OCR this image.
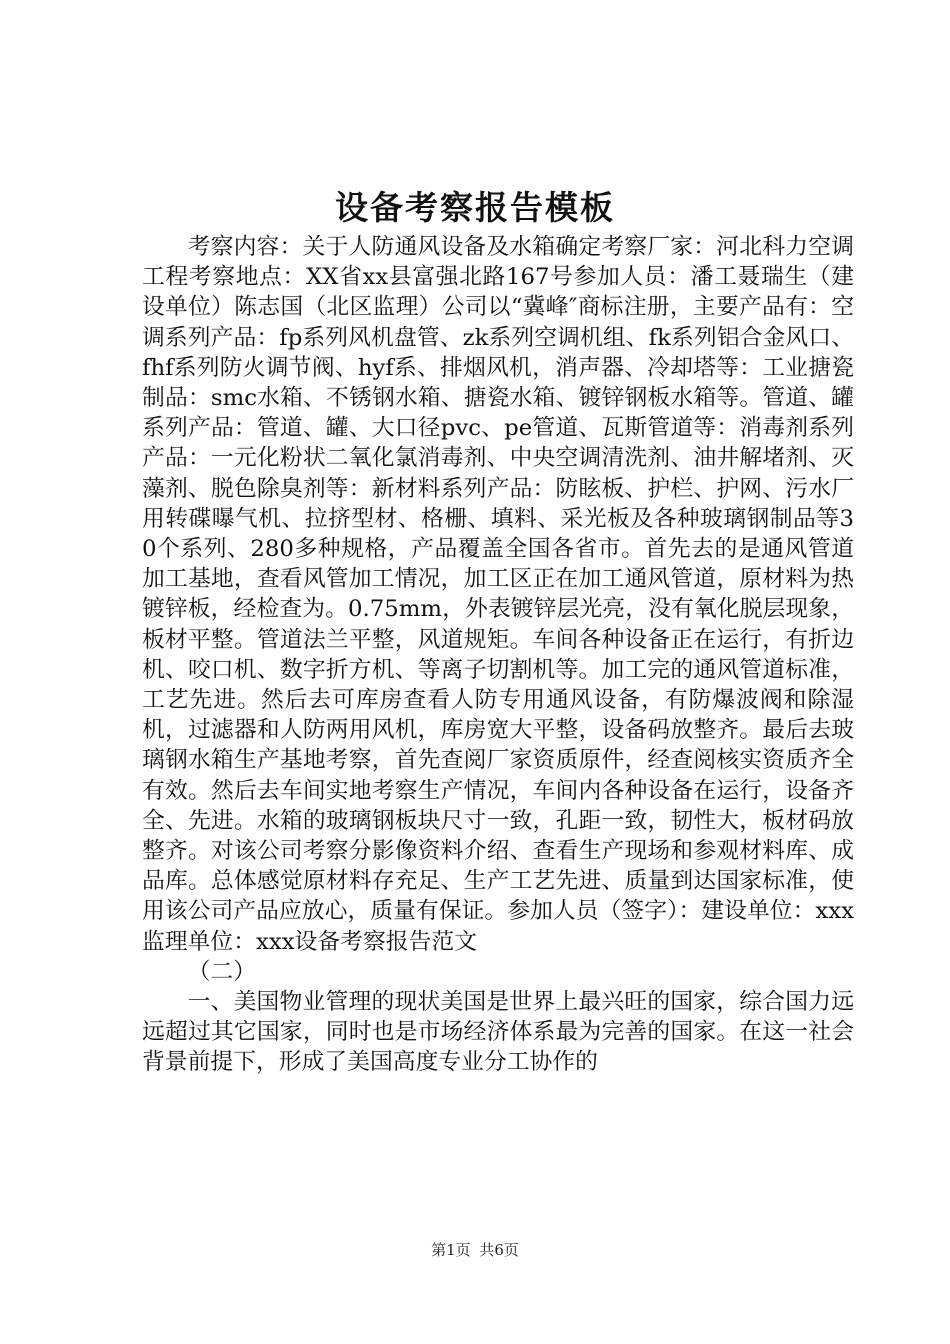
设备考察报告模板

考察内容：关于人防通风设备及水箱确定考察厂家：河北科力空调工程考察地点：XX省xx县富强北路167号参加人员：潘工聂瑞生（建设单位）陈志国（北区监理）公司以“冀峰″商标注册，主要产品有：空调系列产品：fp系列风机盘管、zk系列空调机组、fk系列铝合金风口、fhf系列防火调节阀、hyf系、排烟风机，消声器、冷却塔等：工业搪瓷制品：smc水箱、不锈钢水箱、搪瓷水箱、镀锌钢板水箱等。管道、罐系列产品：管道、罐、大口径pvc、pe管道、瓦斯管道等：消毒剂系列产品：一元化粉状二氧化氯消毒剂、中央空调清洗剂、油井解堵剂、灭藻剂、脱色除臭剂等：新材料系列产品：防眩板、护栏、护网、污水厂用转碟曝气机、拉挤型材、格栅、填料、采光板及各种玻璃钢制品等30个系列、280多种规格，产品覆盖全国各省市。首先去的是通风管道加工基地，查看风管加工情况，加工区正在加工通风管道，原材料为热镀锌板，经检查为。0.75mm，外表镀锌层光亮，没有氧化脱层现象，板材平整。管道法兰平整，风道规矩。车间各种设备正在运行，有折边机、咬口机、数字折方机、等离子切割机等。加工完的通风管道标准，工艺先进。然后去可库房查看人防专用通风设备，有防爆波阀和除湿机，过滤器和人防两用风机，库房宽大平整，设备码放整齐。最后去玻璃钢水箱生产基地考察，首先查阅厂家资质原件，经查阅核实资质齐全有效。然后去车间实地考察生产情况，车间内各种设备在运行，设备齐全、先进。水箱的玻璃钢板块尺寸一致，孔距一致，韧性大，板材码放整齐。对该公司考察分影像资料介绍、查看生产现场和参观材料库、成品库。总体感觉原材料存充足、生产工艺先进、质量到达国家标准，使用该公司产品应放心，质量有保证。参加人员（签字）：建设单位：xxx监理单位：xxx设备考察报告范文

（二）

一、美国物业管理的现状美国是世界上最兴旺的国家，综合国力远远超过其它国家，同时也是市场经济体系最为完善的国家。在这一社会背景前提下，形成了美国高度专业分工协作的

第1页 共6页
